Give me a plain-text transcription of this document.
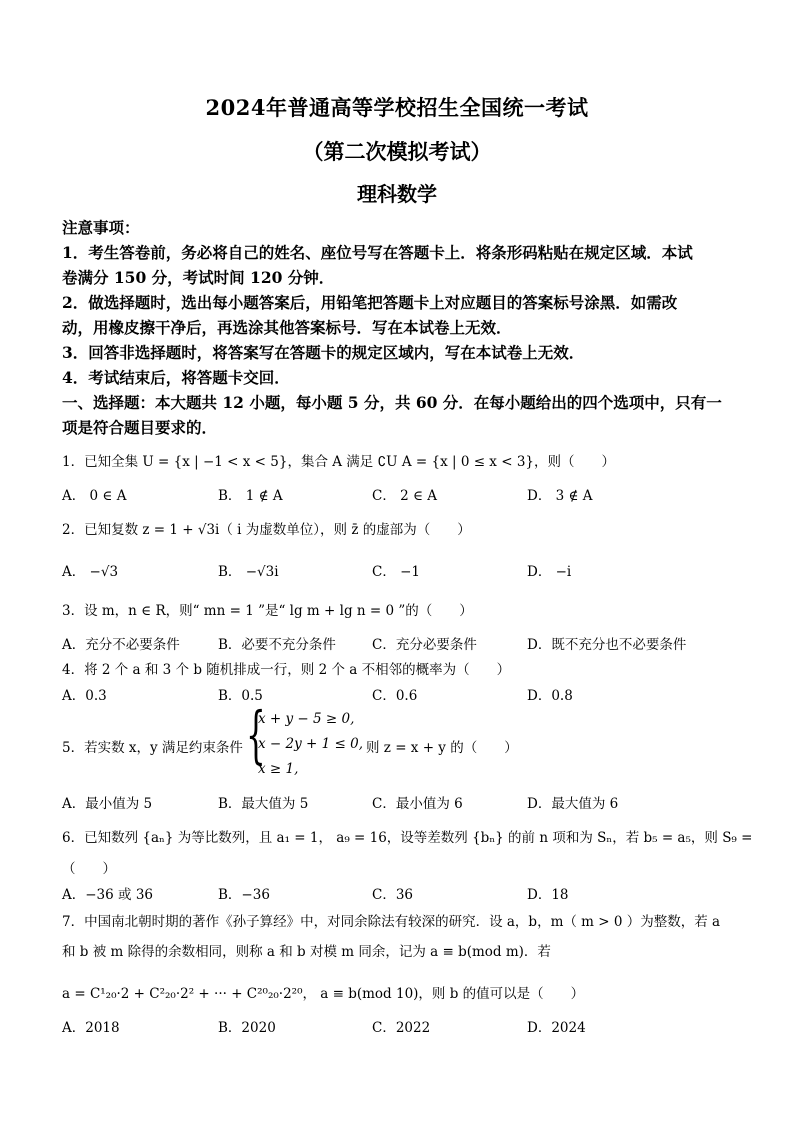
2024年普通高等学校招生全国统一考试
（第二次模拟考试）
理科数学
注意事项：
1．考生答卷前，务必将自己的姓名、座位号写在答题卡上．将条形码粘贴在规定区域．本试
卷满分 150 分，考试时间 120 分钟．
2．做选择题时，选出每小题答案后，用铅笔把答题卡上对应题目的答案标号涂黑．如需改
动，用橡皮擦干净后，再选涂其他答案标号．写在本试卷上无效．
3．回答非选择题时，将答案写在答题卡的规定区域内，写在本试卷上无效．
4．考试结束后，将答题卡交回．
一、选择题：本大题共 12 小题，每小题 5 分，共 60 分．在每小题给出的四个选项中，只有一
项是符合题目要求的．
1．已知全集 U = {x | −1 < x < 5}，集合 A 满足 ∁U A = {x | 0 ≤ x < 3}，则（　　）
A． 0 ∈ A	B． 1 ∉ A	C． 2 ∈ A	D． 3 ∉ A
2．已知复数 z = 1 + √3i（ i 为虚数单位），则 z̄ 的虚部为（　　）
A． −√3	B． −√3i	C． −1	D． −i
3．设 m，n ∈ R，则“ mn = 1 ”是“ lg m + lg n = 0 ”的（　　）
A．充分不必要条件	B．必要不充分条件	C．充分必要条件	D．既不充分也不必要条件
4．将 2 个 a 和 3 个 b 随机排成一行，则 2 个 a 不相邻的概率为（　　）
A．0.3	B．0.5	C．0.6	D．0.8
5．若实数 x，y 满足约束条件 {
x + y − 5 ≥ 0,
x − 2y + 1 ≤ 0,
x ≥ 1,
则 z = x + y 的（　　）
A．最小值为 5	B．最大值为 5	C．最小值为 6	D．最大值为 6
6．已知数列 {aₙ} 为等比数列，且 a₁ = 1， a₉ = 16，设等差数列 {bₙ} 的前 n 项和为 Sₙ，若 b₅ = a₅，则 S₉ =
（　　）
A．−36 或 36	B．−36	C．36	D．18
7．中国南北朝时期的著作《孙子算经》中，对同余除法有较深的研究．设 a，b，m（ m > 0 ）为整数，若 a
和 b 被 m 除得的余数相同，则称 a 和 b 对模 m 同余，记为 a ≡ b(mod m)．若
a = C¹₂₀·2 + C²₂₀·2² + ··· + C²⁰₂₀·2²⁰， a ≡ b(mod 10)，则 b 的值可以是（　　）
A．2018	B．2020	C．2022	D．2024
